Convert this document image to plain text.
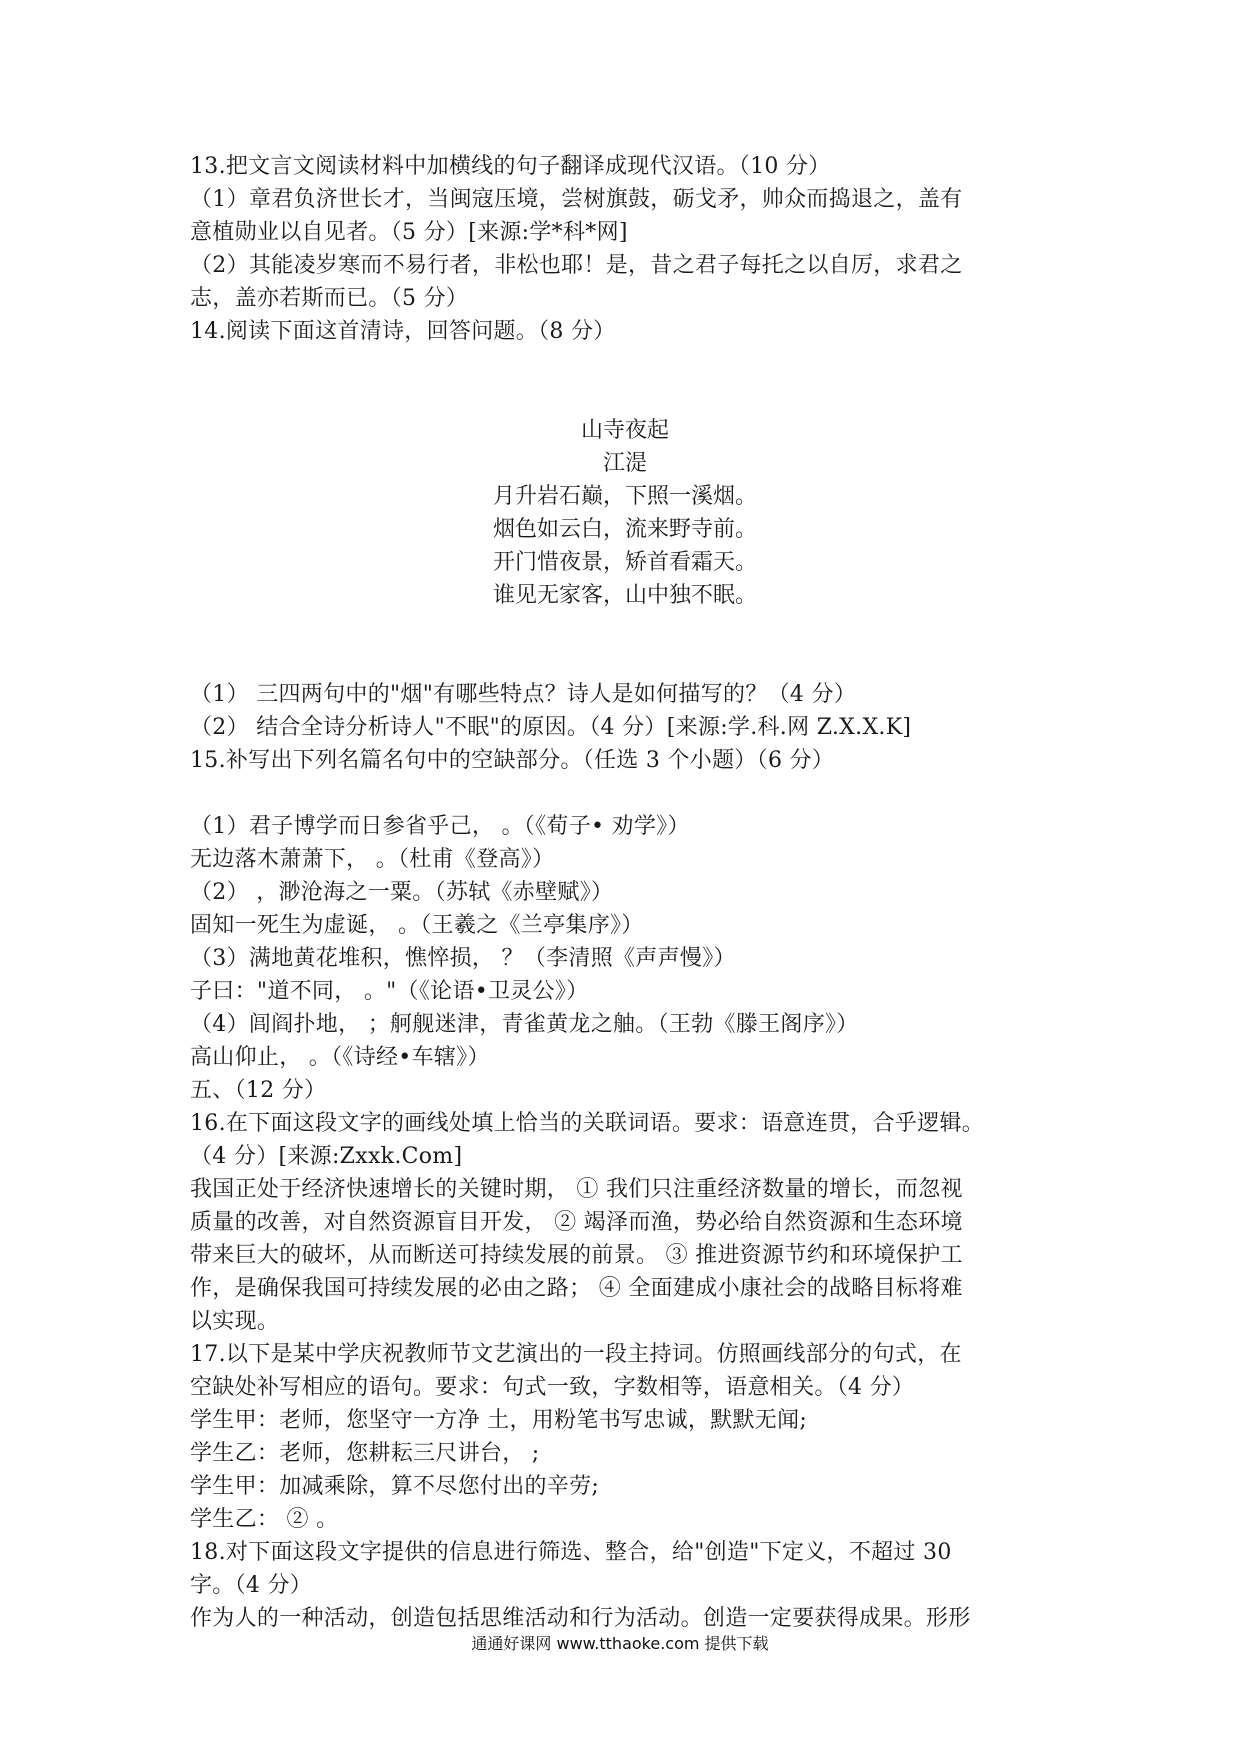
13.把文言文阅读材料中加横线的句子翻译成现代汉语。（10 分）
（1）章君负济世长才，当闽寇压境，尝树旗鼓，砺戈矛，帅众而捣退之，盖有
意植勋业以自见者。（5 分）[来源:学*科*网]
（2）其能凌岁寒而不易行者，非松也耶！是，昔之君子每托之以自厉，求君之
志，盖亦若斯而已。（5 分）
14.阅读下面这首清诗，回答问题。（8 分）
山寺夜起
江湜
月升岩石巅，下照一溪烟。
烟色如云白，流来野寺前。
开门惜夜景，矫首看霜天。
谁见无家客，山中独不眠。
（1） 三四两句中的"烟"有哪些特点？诗人是如何描写的？（4 分）
（2） 结合全诗分析诗人"不眠"的原因。（4 分）[来源:学.科.网 Z.X.X.K]
15.补写出下列名篇名句中的空缺部分。（任选 3 个小题）（6 分）
（1）君子博学而日参省乎己， 。（《荀子• 劝学》）
无边落木萧萧下， 。（杜甫《登高》）
（2） ，渺沧海之一粟。（苏轼《赤壁赋》）
固知一死生为虚诞， 。（王羲之《兰亭集序》）
（3）满地黄花堆积，憔悴损， ？（李清照《声声慢》）
子曰："道不同， 。"（《论语•卫灵公》）
（4）闾阎扑地， ；舸舰迷津，青雀黄龙之舳。（王勃《滕王阁序》）
高山仰止， 。（《诗经•车辖》）
五、（12 分）
16.在下面这段文字的画线处填上恰当的关联词语。要求：语意连贯，合乎逻辑。
（4 分）[来源:Zxxk.Com]
我国正处于经济快速增长的关键时期， ① 我们只注重经济数量的增长，而忽视
质量的改善，对自然资源盲目开发， ② 竭泽而渔，势必给自然资源和生态环境
带来巨大的破坏，从而断送可持续发展的前景。 ③ 推进资源节约和环境保护工
作，是确保我国可持续发展的必由之路； ④ 全面建成小康社会的战略目标将难
以实现。
17.以下是某中学庆祝教师节文艺演出的一段主持词。仿照画线部分的句式，在
空缺处补写相应的语句。要求：句式一致，字数相等，语意相关。（4 分）
学生甲：老师，您坚守一方净 土，用粉笔书写忠诚，默默无闻;
学生乙：老师，您耕耘三尺讲台， ;
学生甲：加减乘除，算不尽您付出的辛劳;
学生乙： ② 。
18.对下面这段文字提供的信息进行筛选、整合，给"创造"下定义，不超过 30
字。（4 分）
作为人的一种活动，创造包括思维活动和行为活动。创造一定要获得成果。形形
通通好课网 www.tthaoke.com 提供下载
